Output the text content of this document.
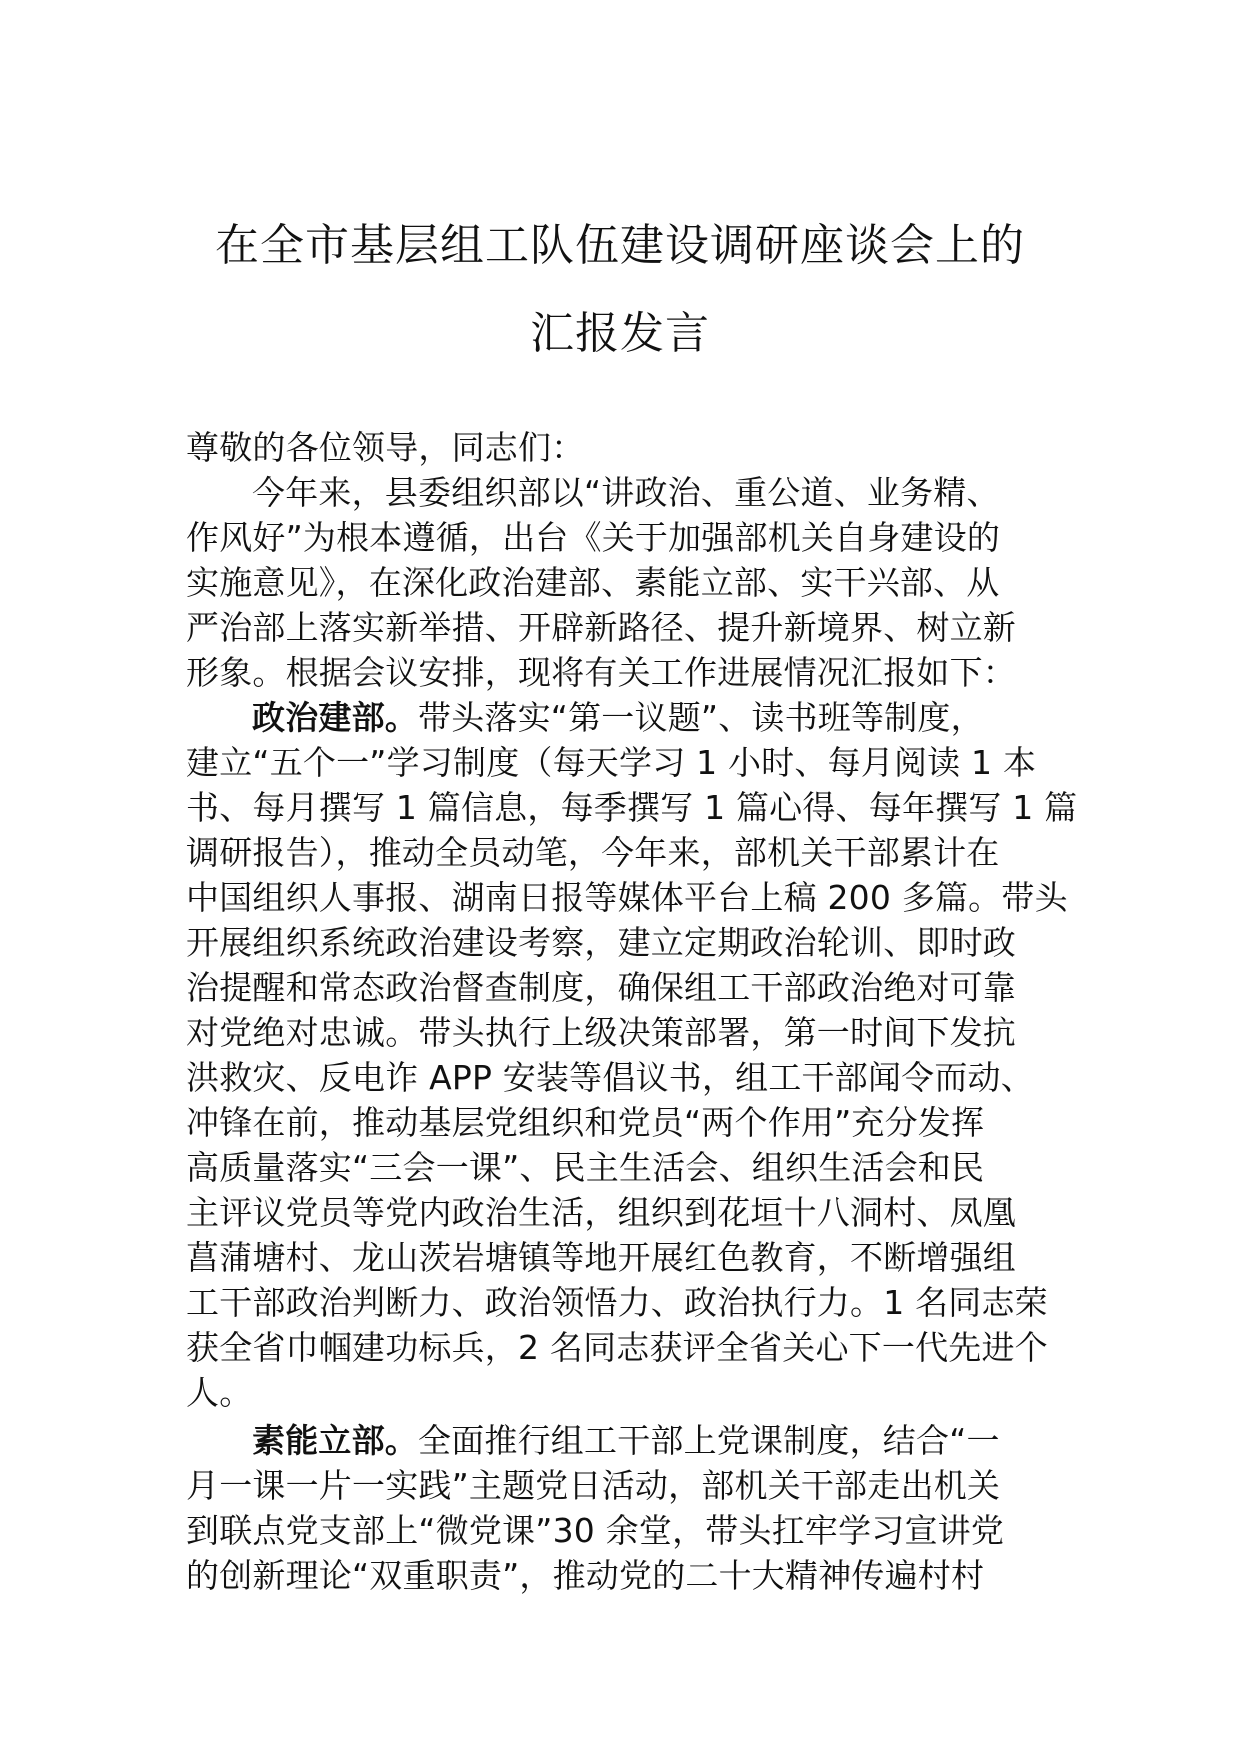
在全市基层组工队伍建设调研座谈会上的
汇报发言
尊敬的各位领导，同志们：
今年来，县委组织部以“讲政治、重公道、业务精、
作风好”为根本遵循，出台《关于加强部机关自身建设的
实施意见》，在深化政治建部、素能立部、实干兴部、从
严治部上落实新举措、开辟新路径、提升新境界、树立新
形象。根据会议安排，现将有关工作进展情况汇报如下：
政治建部。带头落实“第一议题”、读书班等制度，
建立“五个一”学习制度（每天学习 1 小时、每月阅读 1 本
书、每月撰写 1 篇信息，每季撰写 1 篇心得、每年撰写 1 篇
调研报告），推动全员动笔，今年来，部机关干部累计在
中国组织人事报、湖南日报等媒体平台上稿 200 多篇。带头
开展组织系统政治建设考察，建立定期政治轮训、即时政
治提醒和常态政治督查制度，确保组工干部政治绝对可靠
对党绝对忠诚。带头执行上级决策部署，第一时间下发抗
洪救灾、反电诈 APP 安装等倡议书，组工干部闻令而动、
冲锋在前，推动基层党组织和党员“两个作用”充分发挥
高质量落实“三会一课”、民主生活会、组织生活会和民
主评议党员等党内政治生活，组织到花垣十八洞村、凤凰
菖蒲塘村、龙山茨岩塘镇等地开展红色教育，不断增强组
工干部政治判断力、政治领悟力、政治执行力。1 名同志荣
获全省巾帼建功标兵，2 名同志获评全省关心下一代先进个
人。
素能立部。全面推行组工干部上党课制度，结合“一
月一课一片一实践”主题党日活动，部机关干部走出机关
到联点党支部上“微党课”30 余堂，带头扛牢学习宣讲党
的创新理论“双重职责”，推动党的二十大精神传遍村村
